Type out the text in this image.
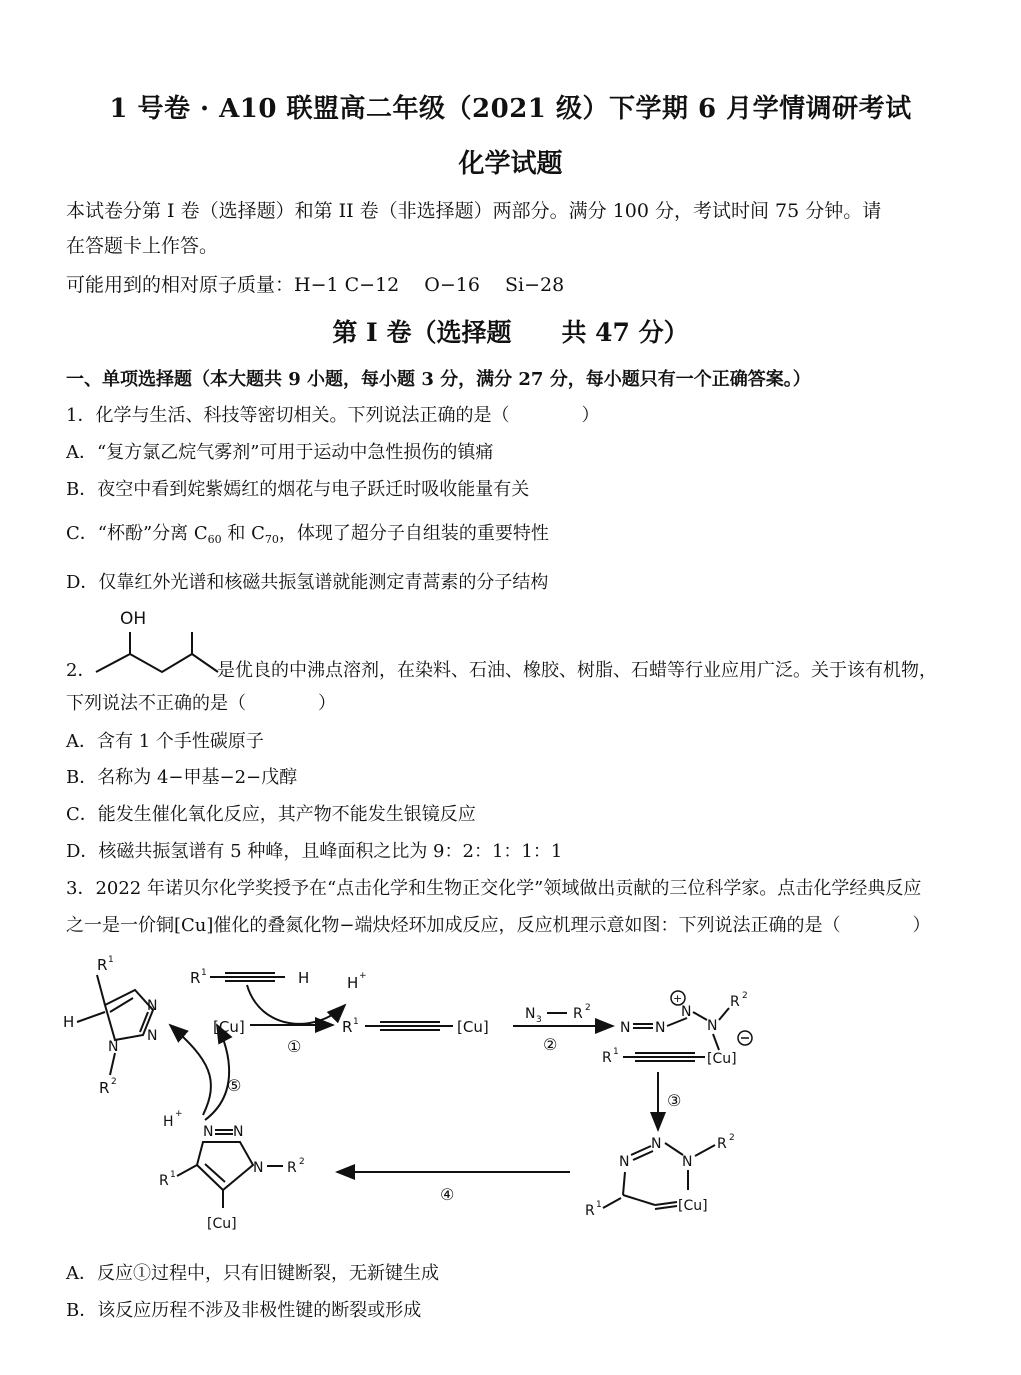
1 号卷 · A10 联盟高二年级（2021 级）下学期 6 月学情调研考试
化学试题
本试卷分第 I 卷（选择题）和第 II 卷（非选择题）两部分。满分 100 分，考试时间 75 分钟。请
在答题卡上作答。
可能用到的相对原子质量：H−1 C−12　 O−16　 Si−28
第 I 卷（选择题　　共 47 分）
一、单项选择题（本大题共 9 小题，每小题 3 分，满分 27 分，每小题只有一个正确答案。）
1．化学与生活、科技等密切相关。下列说法正确的是（　　　　）
A．“复方氯乙烷气雾剂”可用于运动中急性损伤的镇痛
B．夜空中看到姹紫嫣红的烟花与电子跃迁时吸收能量有关
C．“杯酚”分离 $C_{60}$ 和 $C_{70}$，体现了超分子自组装的重要特性
D．仅靠红外光谱和核磁共振氢谱就能测定青蒿素的分子结构
2．
OH
是优良的中沸点溶剂，在染料、石油、橡胶、树脂、石蜡等行业应用广泛。关于该有机物，
下列说法不正确的是（　　　　）
A．含有 1 个手性碳原子
B．名称为 4−甲基−2−戊醇
C．能发生催化氧化反应，其产物不能发生银镜反应
D．核磁共振氢谱有 5 种峰，且峰面积之比为 9：2：1：1：1
3．2022 年诺贝尔化学奖授予在“点击化学和生物正交化学”领域做出贡献的三位科学家。点击化学经典反应
之一是一价铜[Cu]催化的叠氮化物−端炔烃环加成反应，反应机理示意如图：下列说法正确的是（　　　　）
R 1
H
N
N
N
R 2
R 1	H	H +
[Cu]
①
R 1	[Cu]
N 3 R 2
②
N N
N
+
N
R 2
R 1	[Cu]
③
N
N
N
R 2
[Cu]
R 1
④
N N
N R 2
R 1
[Cu]
H +
⑤
A．反应①过程中，只有旧键断裂，无新键生成
B．该反应历程不涉及非极性键的断裂或形成
